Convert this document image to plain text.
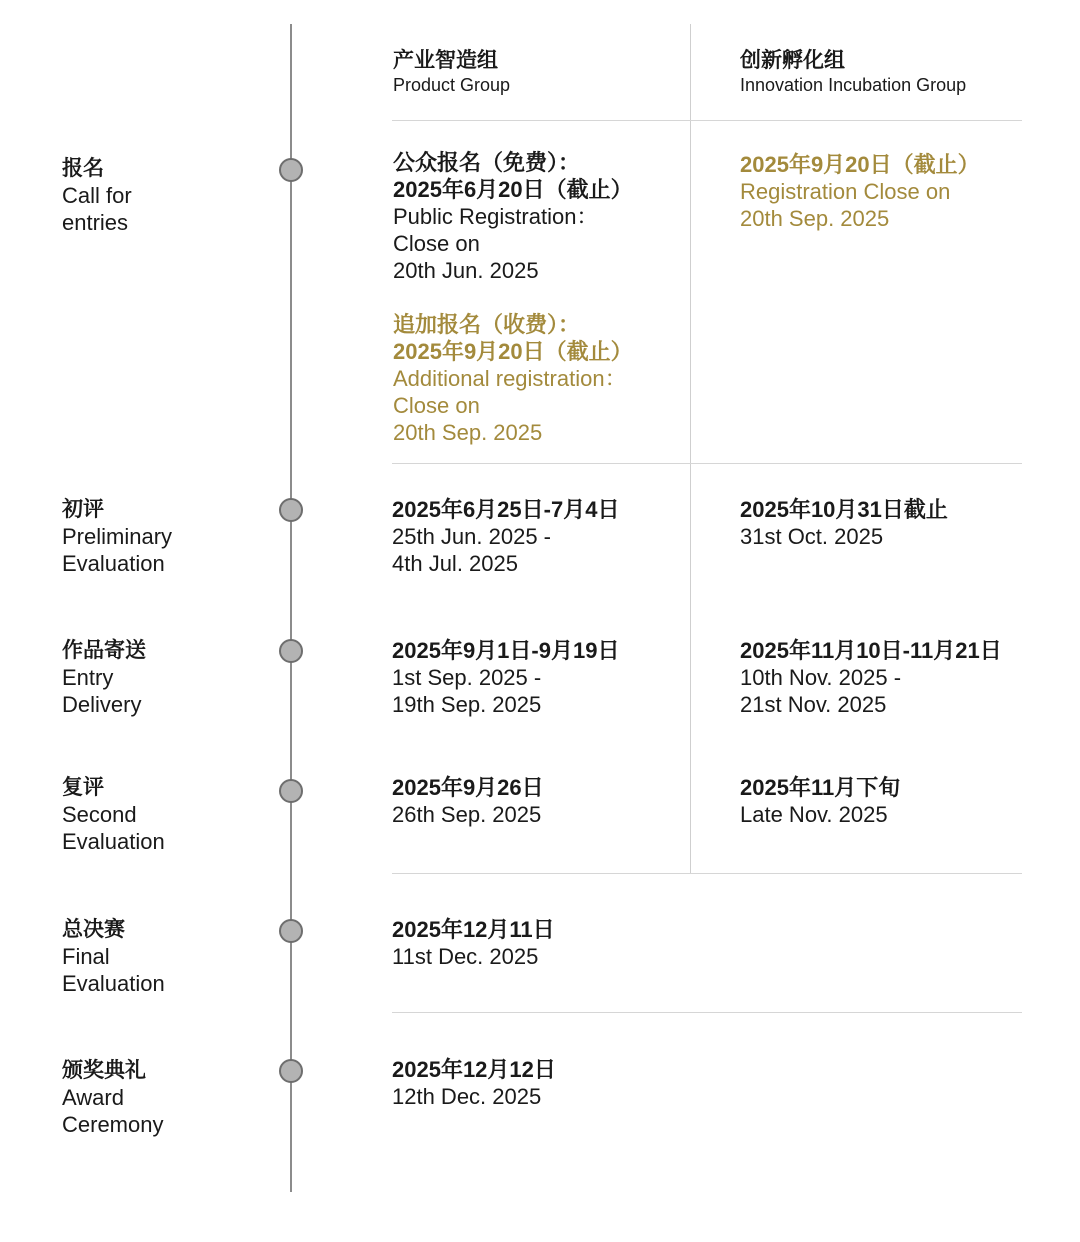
产业智造组
Product Group
创新孵化组
Innovation Incubation Group
报名
Call for
entries
初评
Preliminary
Evaluation
作品寄送
Entry
Delivery
复评
Second
Evaluation
总决赛
Final
Evaluation
颁奖典礼
Award
Ceremony
公众报名（免费）：
2025年6月20日（截止）
Public Registration：
Close on
20th Jun. 2025
追加报名（收费）：
2025年9月20日（截止）
Additional registration：
Close on
20th Sep. 2025
2025年9月20日（截止）
Registration Close on
20th Sep. 2025
2025年6月25日-7月4日
25th Jun. 2025 -
4th Jul. 2025
2025年10月31日截止
31st Oct. 2025
2025年9月1日-9月19日
1st Sep. 2025 -
19th Sep. 2025
2025年11月10日-11月21日
10th Nov. 2025 -
21st Nov. 2025
2025年9月26日
26th Sep. 2025
2025年11月下旬
Late Nov. 2025
2025年12月11日
11st Dec. 2025
2025年12月12日
12th Dec. 2025
